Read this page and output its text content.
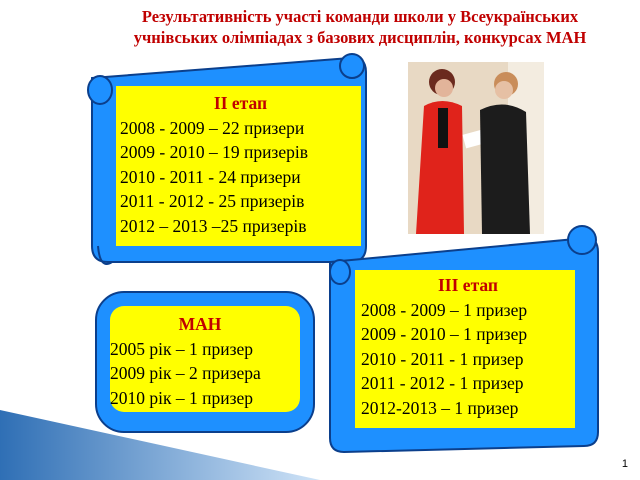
Результативність участі команди школи у Всеукраїнських
учнівських олімпіадах з базових дисциплін, конкурсах МАН
ІІ етап
2008 - 2009 – 22 призери
2009 - 2010 – 19 призерів
2010 - 2011 - 24 призери
2011 - 2012 - 25 призерів
2012 – 2013 –25 призерів
ІІІ етап
2008 - 2009 – 1 призер
2009 - 2010 – 1 призер
2010 - 2011 - 1 призер
2011 - 2012 - 1 призер
2012-2013 – 1 призер
МАН
2005 рік – 1 призер
2009 рік – 2 призера
2010 рік – 1 призер
1
